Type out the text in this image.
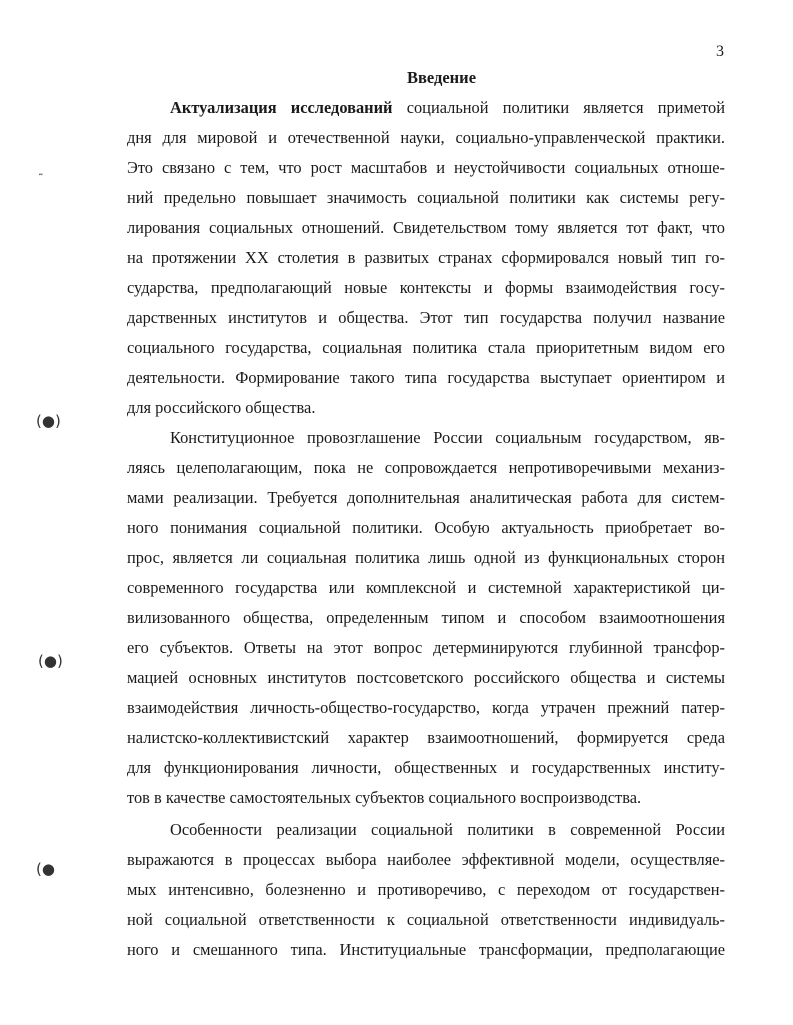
3
Введение
Актуализация исследований социальной политики является приметой
дня для мировой и отечественной науки, социально-управленческой практики.
Это связано с тем, что рост масштабов и неустойчивости социальных отноше-
ний предельно повышает значимость социальной политики как системы регу-
лирования социальных отношений. Свидетельством тому является тот факт, что
на протяжении XX столетия в развитых странах сформировался новый тип го-
сударства, предполагающий новые контексты и формы взаимодействия госу-
дарственных институтов и общества. Этот тип государства получил название
социального государства, социальная политика стала приоритетным видом его
деятельности. Формирование такого типа государства выступает ориентиром и
для российского общества.
Конституционное провозглашение России социальным государством, яв-
ляясь целеполагающим, пока не сопровождается непротиворечивыми механиз-
мами реализации. Требуется дополнительная аналитическая работа для систем-
ного понимания социальной политики. Особую актуальность приобретает во-
прос, является ли социальная политика лишь одной из функциональных сторон
современного государства или комплексной и системной характеристикой ци-
вилизованного общества, определенным типом и способом взаимоотношения
его субъектов. Ответы на этот вопрос детерминируются глубинной трансфор-
мацией основных институтов постсоветского российского общества и системы
взаимодействия личность-общество-государство, когда утрачен прежний патер-
налистско-коллективистский характер взаимоотношений, формируется среда
для функционирования личности, общественных и государственных институ-
тов в качестве самостоятельных субъектов социального воспроизводства.
Особенности реализации социальной политики в современной России
выражаются в процессах выбора наиболее эффективной модели, осуществляе-
мых интенсивно, болезненно и противоречиво, с переходом от государствен-
ной социальной ответственности к социальной ответственности индивидуаль-
ного и смешанного типа. Институциальные трансформации, предполагающие
˜
(●)
(●)
(●
